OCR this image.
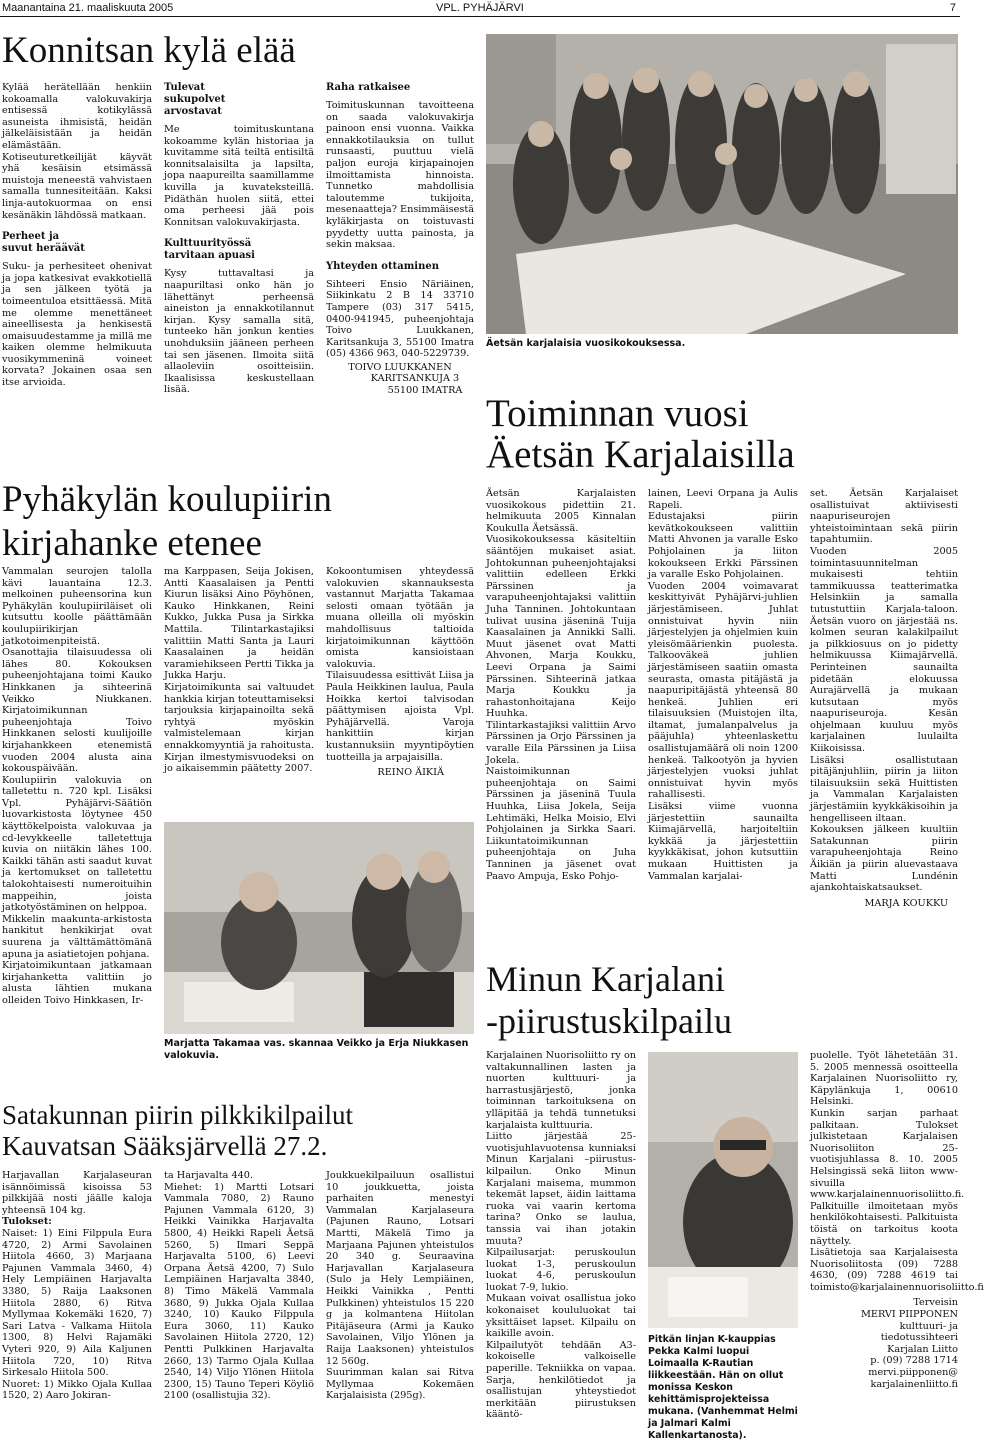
Maanantaina 21. maaliskuuta 2005	VPL. PYHÄJÄRVI	7
Konnitsan kylä elää

Kylää herätellään henkiin kokoamalla valokuvakirja entisessä kotikylässä asuneista ihmisistä, heidän jälkeläisistään ja heidän elämästään. Kotiseuturetkeilijät käyvät yhä kesäisin etsimässä muistoja meneestä vahvistaen samalla tunnesiteitään. Kaksi linja-autokuormaa on ensi kesänäkin lähdössä matkaan.

Perheet ja
suvut heräävät

Suku- ja perhesiteet ohenivat ja jopa katkesivat evakkotiellä ja sen jälkeen työtä ja toimeentuloa etsittäessä. Mitä me olemme menettäneet aineellisesta ja henkisestä omaisuudestamme ja millä me kaiken olemme helmikuuta vuosikymmeninä voineet korvata? Jokainen osaa sen itse arvioida.

Tulevat
sukupolvet
arvostavat

Me toimituskuntana kokoamme kylän historiaa ja kuvitamme sitä teiltä entisiltä konnitsalaisilta ja lapsilta, jopa naapureilta saamillamme kuvilla ja kuvateksteillä. Pidäthän huolen siitä, ettei oma perheesi jää pois Konnitsan valokuvakirjasta.

Kulttuurityössä
tarvitaan apuasi

Kysy tuttavaltasi ja naapuriltasi onko hän jo lähettänyt perheensä aineiston ja ennakkotilannut kirjan. Kysy samalla sitä, tunteeko hän jonkun kenties unohduksiin jääneen perheen tai sen jäsenen. Ilmoita siitä allaoleviin osoitteisiin. Ikaalisissa keskustellaan lisää.

Raha ratkaisee

Toimituskunnan tavoitteena on saada valokuvakirja painoon ensi vuonna. Vaikka ennakkotilauksia on tullut runsaasti, puuttuu vielä paljon euroja kirjapainojen ilmoittamista hinnoista. Tunnetko mahdollisia taloutemme tukijoita, mesenaatteja? Ensimmäisestä kyläkirjasta on toistuvasti pyydetty uutta painosta, ja sekin maksaa.

Yhteyden ottaminen

Sihteeri Ensio Näriäinen, Siikinkatu 2 B 14 33710 Tampere (03) 317 5415, 0400-941945, puheenjohtaja Toivo Luukkanen, Karitsankuja 3, 55100 Imatra (05) 4366 963, 040-5229739.

TOIVO LUUKKANEN
KARITSANKUJA 3
55100 IMATRA
Äetsän karjalaisia vuosikokouksessa.
Toiminnan vuosi
Äetsän Karjalaisilla

Äetsän Karjalaisten vuosikokous pidettiin 21. helmikuuta 2005 Kinnalan Koukulla Äetsässä.
Vuosikokouksessa käsiteltiin sääntöjen mukaiset asiat. Johtokunnan puheenjohtajaksi valittiin edelleen Erkki Pärssinen ja varapuheenjohtajaksi valittiin Juha Tanninen. Johtokuntaan tulivat uusina jäseninä Tuija Kaasalainen ja Annikki Salli. Muut jäsenet ovat Matti Ahvonen, Marja Koukku, Leevi Orpana ja Saimi Pärssinen. Sihteerinä jatkaa Marja Koukku ja rahastonhoitajana Keijo Huuhka.
Tilintarkastajiksi valittiin Arvo Pärssinen ja Orjo Pärssinen ja varalle Eila Pärssinen ja Liisa Jokela.
Naistoimikunnan puheenjohtaja on Saimi Pärssinen ja jäseninä Tuula Huuhka, Liisa Jokela, Seija Lehtimäki, Helka Moisio, Elvi Pohjolainen ja Sirkka Saari. Liikuntatoimikunnan puheenjohtaja on Juha Tanninen ja jäsenet ovat Paavo Ampuja, Esko Pohjo-

lainen, Leevi Orpana ja Aulis Rapeli.
Edustajaksi piirin kevätkokoukseen valittiin Matti Ahvonen ja varalle Esko Pohjolainen ja liiton kokoukseen Erkki Pärssinen ja varalle Esko Pohjolainen.
Vuoden 2004 voimavarat keskittyivät Pyhäjärvi-juhlien järjestämiseen. Juhlat onnistuivat hyvin niin järjestelyjen ja ohjelmien kuin yleisömäärienkin puolesta. Talkooväkeä juhlien järjestämiseen saatiin omasta seurasta, omasta pitäjästä ja naapuripitäjästä yhteensä 80 henkeä. Juhlien eri tilaisuuksien (Muistojen ilta, iltamat, jumalanpalvelus ja pääjuhla) yhteenlaskettu osallistujamäärä oli noin 1200 henkeä. Talkootyön ja hyvien järjestelyjen vuoksi juhlat onnistuivat hyvin myös rahallisesti.
Lisäksi viime vuonna järjestettiin saunailta Kiimajärvellä, harjoiteltiin kykkää ja järjestettiin kyykkäkisat, johon kutsuttiin mukaan Huittisten ja Vammalan karjalai-

set. Äetsän Karjalaiset osallistuivat aktiivisesti naapuriseurojen yhteistoimintaan sekä piirin tapahtumiin.
Vuoden 2005 toimintasuunnitelman mukaisesti tehtiin tammikuussa teatterimatka Helsinkiin ja samalla tutustuttiin Karjala-taloon. Äetsän vuoro on järjestää ns. kolmen seuran kalakilpailut ja pilkkiosuus on jo pidetty helmikuussa Kiimajärvellä. Perinteinen saunailta pidetään elokuussa Aurajärvellä ja mukaan kutsutaan myös naapuriseuroja. Kesän ohjelmaan kuuluu myös karjalainen luulailta Kiikoisissa.
Lisäksi osallistutaan pitäjänjuhliin, piirin ja liiton tilaisuuksiin sekä Huittisten ja Vammalan Karjalaisten järjestämiin kyykkäkisoihin ja hengelliseen iltaan.
Kokouksen jälkeen kuultiin Satakunnan piirin varapuheenjohtaja Reino Äikiän ja piirin aluevastaava Matti Lundénin ajankohtaiskatsaukset.

MARJA KOUKKU
Pyhäkylän koulupiirin
kirjahanke etenee

Vammalan seurojen talolla kävi lauantaina 12.3. melkoinen puheensorina kun Pyhäkylän koulupiiriläiset oli kutsuttu koolle päättämään koulupiirikirjan jatkotoimenpiteistä. Osanottajia tilaisuudessa oli lähes 80. Kokouksen puheenjohtajana toimi Kauko Hinkkanen ja sihteerinä Veikko Niukkanen. Kirjatoimikunnan puheenjohtaja Toivo Hinkkanen selosti kuulijoille kirjahankkeen etenemistä vuoden 2004 alusta aina kokouspäivään.
Koulupiirin valokuvia on talletettu n. 720 kpl. Lisäksi Vpl. Pyhäjärvi-Säätiön luovarkistosta löytynee 450 käyttökelpoista valokuvaa ja cd-levykkeelle talletettuja kuvia on niitäkin lähes 100. Kaikki tähän asti saadut kuvat ja kertomukset on talletettu talokohtaisesti numeroituihin mappeihin, joista jatkotyöstäminen on helppoa.
Mikkelin maakunta-arkistosta hankitut henkikirjat ovat suurena ja välttämättömänä apuna ja asiatietojen pohjana.
Kirjatoimikuntaan jatkamaan kirjahanketta valittiin jo alusta lähtien mukana olleiden Toivo Hinkkasen, Ir-

ma Karppasen, Seija Jokisen, Antti Kaasalaisen ja Pentti Kiurun lisäksi Aino Pöyhönen, Kauko Hinkkanen, Reini Kukko, Jukka Pusa ja Sirkka Mattila. Tilintarkastajiksi valittiin Matti Santa ja Lauri Kaasalainen ja heidän varamiehikseen Pertti Tikka ja Jukka Harju.
Kirjatoimikunta sai valtuudet hankkia kirjan toteuttamiseksi tarjouksia kirjapainoilta sekä ryhtyä myöskin valmistelemaan kirjan ennakkomyyntiä ja rahoitusta. Kirjan ilmestymisvuodeksi on jo aikaisemmin päätetty 2007.

Kokoontumisen yhteydessä valokuvien skannauksesta vastannut Marjatta Takamaa selosti omaan työtään ja muana olleilla oli myöskin mahdollisuus taltioida kirjatoimikunnan käyttöön omista kansioistaan valokuvia.
Tilaisuudessa esittivät Liisa ja Paula Heikkinen laulua, Paula Hoikka kertoi talvisodan päättymisen ajoista Vpl. Pyhäjärvellä. Varoja hankittiin kirjan kustannuksiin myyntipöytien tuotteilla ja arpajaisilla.

REINO ÄIKIÄ
Marjatta Takamaa vas. skannaa Veikko ja Erja Niukkasen valokuvia.
Satakunnan piirin pilkkikilpailut
Kauvatsan Sääksjärvellä 27.2.

Harjavallan Karjalaseuran isännöimissä kisoissa 53 pilkkijää nosti jäälle kaloja yhteensä 104 kg.

Tulokset:

Naiset: 1) Eini Filppula Eura 4720, 2) Armi Savolainen Hiitola 4660, 3) Marjaana Pajunen Vammala 3460, 4) Hely Lempiäinen Harjavalta 3380, 5) Raija Laaksonen Hiitola 2880, 6) Ritva Myllymaa Kokemäki 1620, 7) Sari Latva - Valkama Hiitola 1300, 8) Helvi Rajamäki Vyteri 920, 9) Aila Kaljunen Hiitola 720, 10) Ritva Sirkesalo Hiitola 500.
Nuoret: 1) Mikko Ojala Kullaa 1520, 2) Aaro Jokiran-

ta Harjavalta 440.
Miehet: 1) Martti Lotsari Vammala 7080, 2) Rauno Pajunen Vammala 6120, 3) Heikki Vainikka Harjavalta 5800, 4) Heikki Rapeli Äetsä 5260, 5) Ilmari Seppä Harjavalta 5100, 6) Leevi Orpana Äetsä 4200, 7) Sulo Lempiäinen Harjavalta 3840, 8) Timo Mäkelä Vammala 3680, 9) Jukka Ojala Kullaa 3240, 10) Kauko Filppula Eura 3060, 11) Kauko Savolainen Hiitola 2720, 12) Pentti Pulkkinen Harjavalta 2660, 13) Tarmo Ojala Kullaa 2540, 14) Viljo Ylönen Hiitola 2300, 15) Tauno Teperi Köyliö 2100 (osallistujia 32).

Joukkuekilpailuun osallistui 10 joukkuetta, joista parhaiten menestyi Vammalan Karjalaseura (Pajunen Rauno, Lotsari Martti, Mäkelä Timo ja Marjaana Pajunen yhteistulos 20 340 g. Seuraavina Harjavallan Karjalaseura (Sulo ja Hely Lempiäinen, Heikki Vainikka , Pentti Pulkkinen) yhteistulos 15 220 g ja kolmantena Hiitolan Pitäjäseura (Armi ja Kauko Savolainen, Viljo Ylönen ja Raija Laaksonen) yhteistulos 12 560g.
Suurimman kalan sai Ritva Myllymaa Kokemäen Karjalaisista (295g).

Minun Karjalani
-piirustuskilpailu

Karjalainen Nuorisoliitto ry on valtakunnallinen lasten ja nuorten kulttuuri- ja harrastusjärjestö, jonka toiminnan tarkoituksena on ylläpitää ja tehdä tunnetuksi karjalaista kulttuuria.
Liitto järjestää 25-vuotisjuhlavuotensa kunniaksi Minun Karjalani –piirustus-kilpailun. Onko Minun Karjalani maisema, mummon tekemät lapset, äidin laittama ruoka vai vaarin kertoma tarina? Onko se laulua, tanssia vai ihan jotakin muuta?
Kilpailusarjat: peruskoulun luokat 1-3, peruskoulun luokat 4-6, peruskoulun luokat 7-9, lukio.
Mukaan voivat osallistua joko kokonaiset koululuokat tai yksittäiset lapset. Kilpailu on kaikille avoin.
Kilpailutyöt tehdään A3-kokoiselle valkoiselle paperille. Tekniikka on vapaa. Sarja, henkilötiedot ja osallistujan yhteystiedot merkitään piirustuksen kääntö-

puolelle. Työt lähetetään 31. 5. 2005 mennessä osoitteella Karjalainen Nuorisoliitto ry, Käpylänkuja 1, 00610 Helsinki.
Kunkin sarjan parhaat palkitaan. Tulokset julkistetaan Karjalaisen Nuorisoliiton 25-vuotisjuhlassa 8. 10. 2005 Helsingissä sekä liiton www-sivuilla www.karjalainennuorisoliitto.fi. Palkituille ilmoitetaan myös henkilökohtaisesti. Palkituista töistä on tarkoitus koota näyttely.
Lisätietoja saa Karjalaisesta Nuorisoliitosta (09) 7288 4630, (09) 7288 4619 tai toimisto@karjalainennuorisoliitto.fi

Terveisin
MERVI PIIPPONEN
kulttuuri- ja
tiedotussihteeri
Karjalan Liitto
p. (09) 7288 1714
mervi.piipponen@
karjalainenliitto.fi

Pitkän linjan K-kauppias Pekka Kalmi luopui Loimaalla K-Rautian liikkeestään. Hän on ollut monissa Keskon kehittämisprojekteissa mukana. (Vanhemmat Helmi ja Jalmari Kalmi Kallenkartanosta).
